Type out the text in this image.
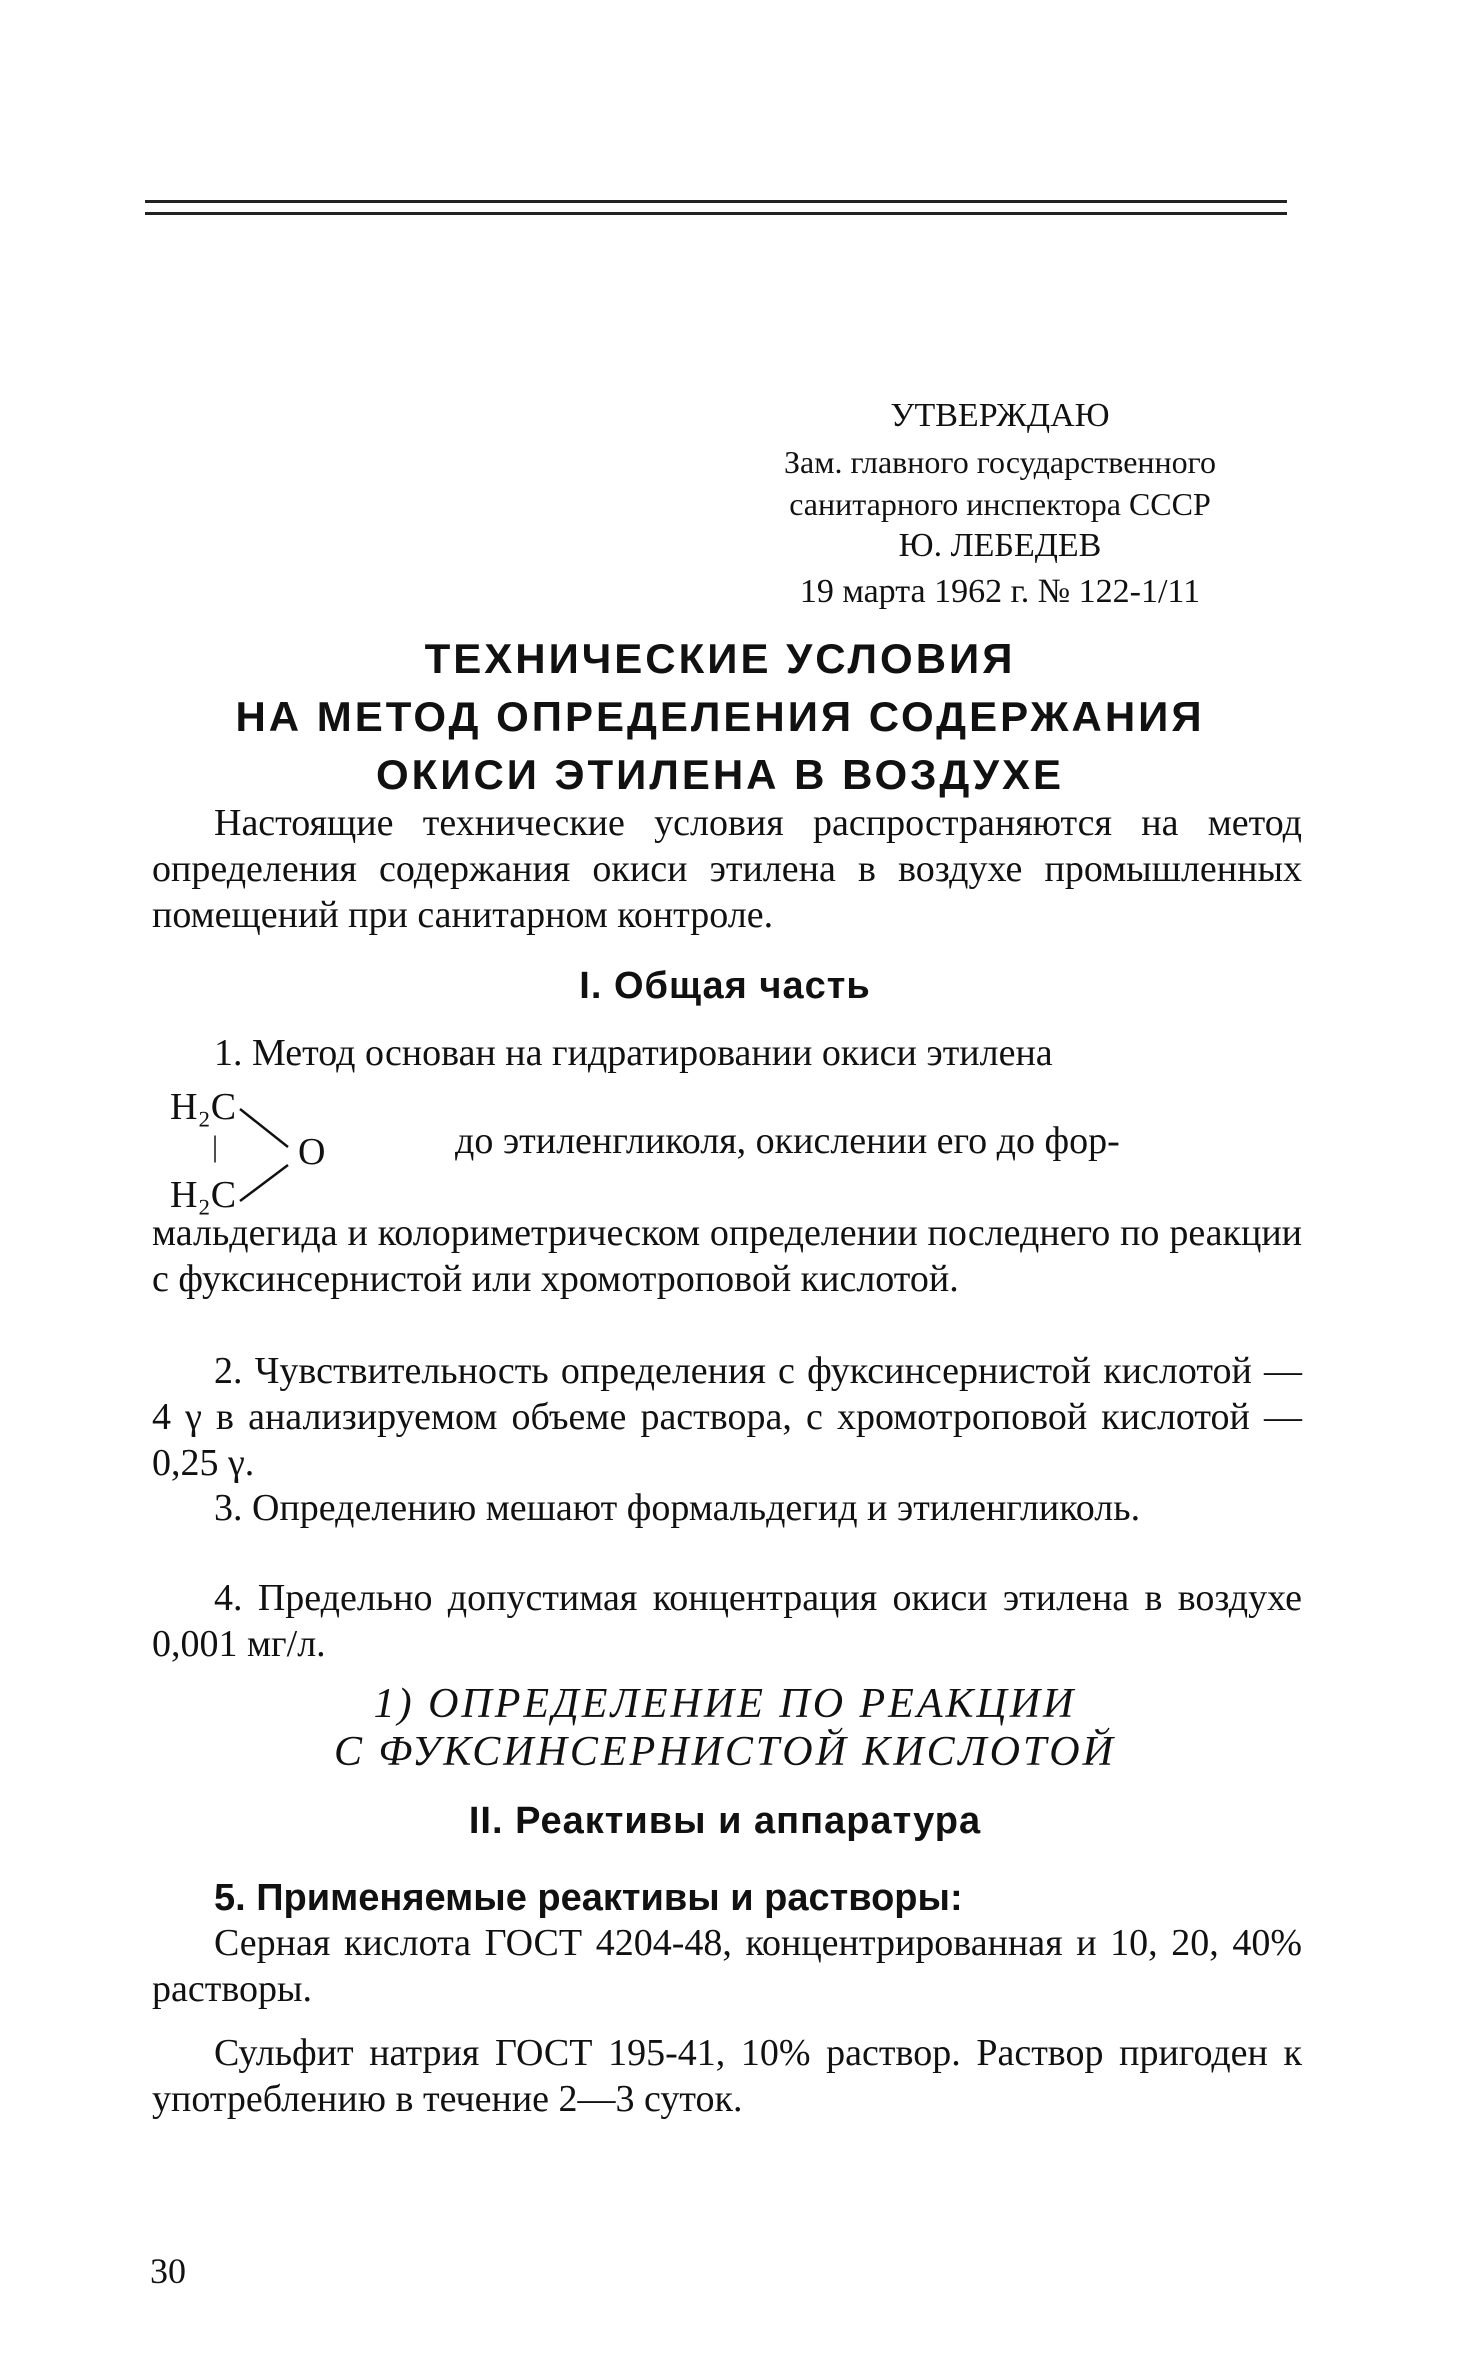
УТВЕРЖДАЮ
Зам. главного государственного
санитарного инспектора СССР
Ю. ЛЕБЕДЕВ
19 марта 1962 г. № 122-1/11
ТЕХНИЧЕСКИЕ УСЛОВИЯ
НА МЕТОД ОПРЕДЕЛЕНИЯ СОДЕРЖАНИЯ
ОКИСИ ЭТИЛЕНА В ВОЗДУХЕ

Настоящие технические условия распространяются на метод определения содержания окиси этилена в воздухе промышленных помещений при санитарном контроле.

I. Общая часть

1. Метод основан на гидратировании окиси этилена

H₂C
| O
H₂C

до этиленгликоля, окислении его до фор-

мальдегида и колориметрическом определении последнего по реакции с фуксинсернистой или хромотроповой кислотой.

2. Чувствительность определения с фуксинсернистой кислотой — 4 γ в анализируемом объеме раствора, с хромотроповой кислотой — 0,25 γ.

3. Определению мешают формальдегид и этиленгликоль.

4. Предельно допустимая концентрация окиси этилена в воздухе 0,001 мг/л.

1) ОПРЕДЕЛЕНИЕ ПО РЕАКЦИИ
С ФУКСИНСЕРНИСТОЙ КИСЛОТОЙ
II. Реактивы и аппаратура

5. Применяемые реактивы и растворы:

Серная кислота ГОСТ 4204-48, концентрированная и 10, 20, 40% растворы.

Сульфит натрия ГОСТ 195-41, 10% раствор. Раствор пригоден к употреблению в течение 2—3 суток.

30
